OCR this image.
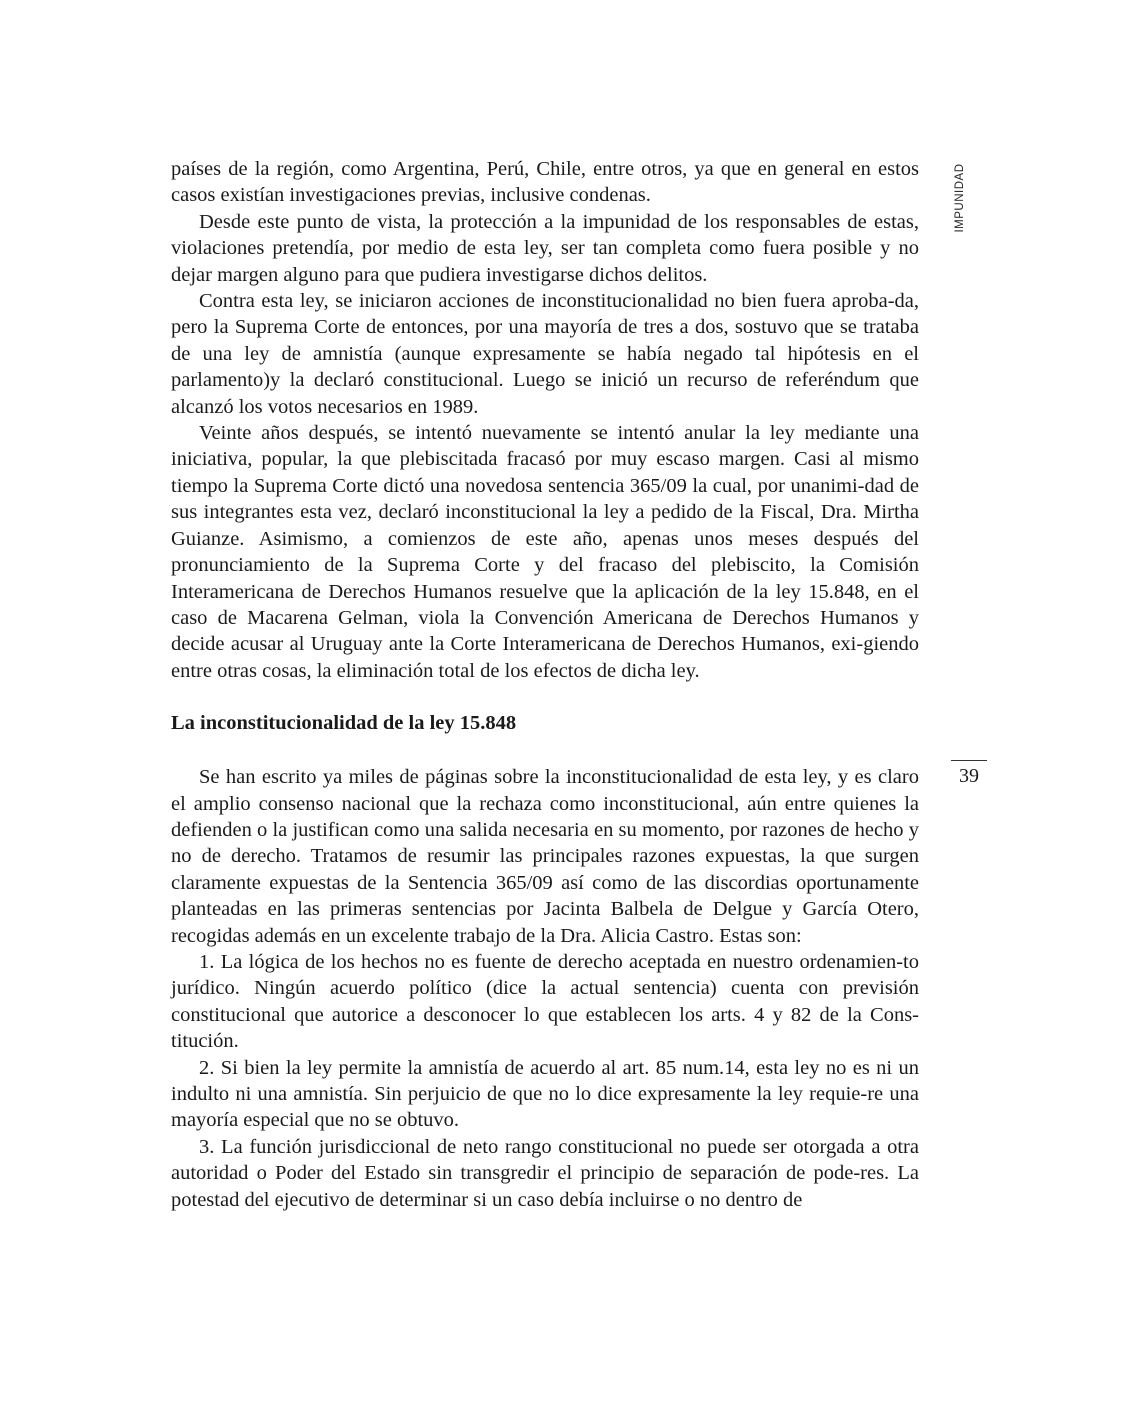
IMPUNIDAD
39

países de la región, como Argentina, Perú, Chile, entre otros, ya que en general en estos casos existían investigaciones previas, inclusive condenas.

Desde este punto de vista, la protección a la impunidad de los responsables de estas, violaciones pretendía, por medio de esta ley, ser tan completa como fuera posible y no dejar margen alguno para que pudiera investigarse dichos delitos.

Contra esta ley, se iniciaron acciones de inconstitucionalidad no bien fuera aproba-da, pero la Suprema Corte de entonces, por una mayoría de tres a dos, sostuvo que se trataba de una ley de amnistía (aunque expresamente se había negado tal hipótesis en el parlamento)y la declaró constitucional. Luego se inició un recurso de referéndum que alcanzó los votos necesarios en 1989.

Veinte años después, se intentó nuevamente se intentó anular la ley mediante una iniciativa, popular, la que plebiscitada fracasó por muy escaso margen. Casi al mismo tiempo la Suprema Corte dictó una novedosa sentencia 365/09 la cual, por unanimi-dad de sus integrantes esta vez, declaró inconstitucional la ley a pedido de la Fiscal, Dra. Mirtha Guianze. Asimismo, a comienzos de este año, apenas unos meses después del pronunciamiento de la Suprema Corte y del fracaso del plebiscito, la Comisión Interamericana de Derechos Humanos resuelve que la aplicación de la ley 15.848, en el caso de Macarena Gelman, viola la Convención Americana de Derechos Humanos y decide acusar al Uruguay ante la Corte Interamericana de Derechos Humanos, exi-giendo entre otras cosas, la eliminación total de los efectos de dicha ley.

La inconstitucionalidad de la ley 15.848

Se han escrito ya miles de páginas sobre la inconstitucionalidad de esta ley, y es claro el amplio consenso nacional que la rechaza como inconstitucional, aún entre quienes la defienden o la justifican como una salida necesaria en su momento, por razones de hecho y no de derecho. Tratamos de resumir las principales razones expuestas, la que surgen claramente expuestas de la Sentencia 365/09 así como de las discordias oportunamente planteadas en las primeras sentencias por Jacinta Balbela de Delgue y García Otero, recogidas además en un excelente trabajo de la Dra. Alicia Castro. Estas son:

1. La lógica de los hechos no es fuente de derecho aceptada en nuestro ordenamien-to jurídico. Ningún acuerdo político (dice la actual sentencia) cuenta con previsión constitucional que autorice a desconocer lo que establecen los arts. 4 y 82 de la Cons-titución.

2. Si bien la ley permite la amnistía de acuerdo al art. 85 num.14, esta ley no es ni un indulto ni una amnistía. Sin perjuicio de que no lo dice expresamente la ley requie-re una mayoría especial que no se obtuvo.

3. La función jurisdiccional de neto rango constitucional no puede ser otorgada a otra autoridad o Poder del Estado sin transgredir el principio de separación de pode-res. La potestad del ejecutivo de determinar si un caso debía incluirse o no dentro de
